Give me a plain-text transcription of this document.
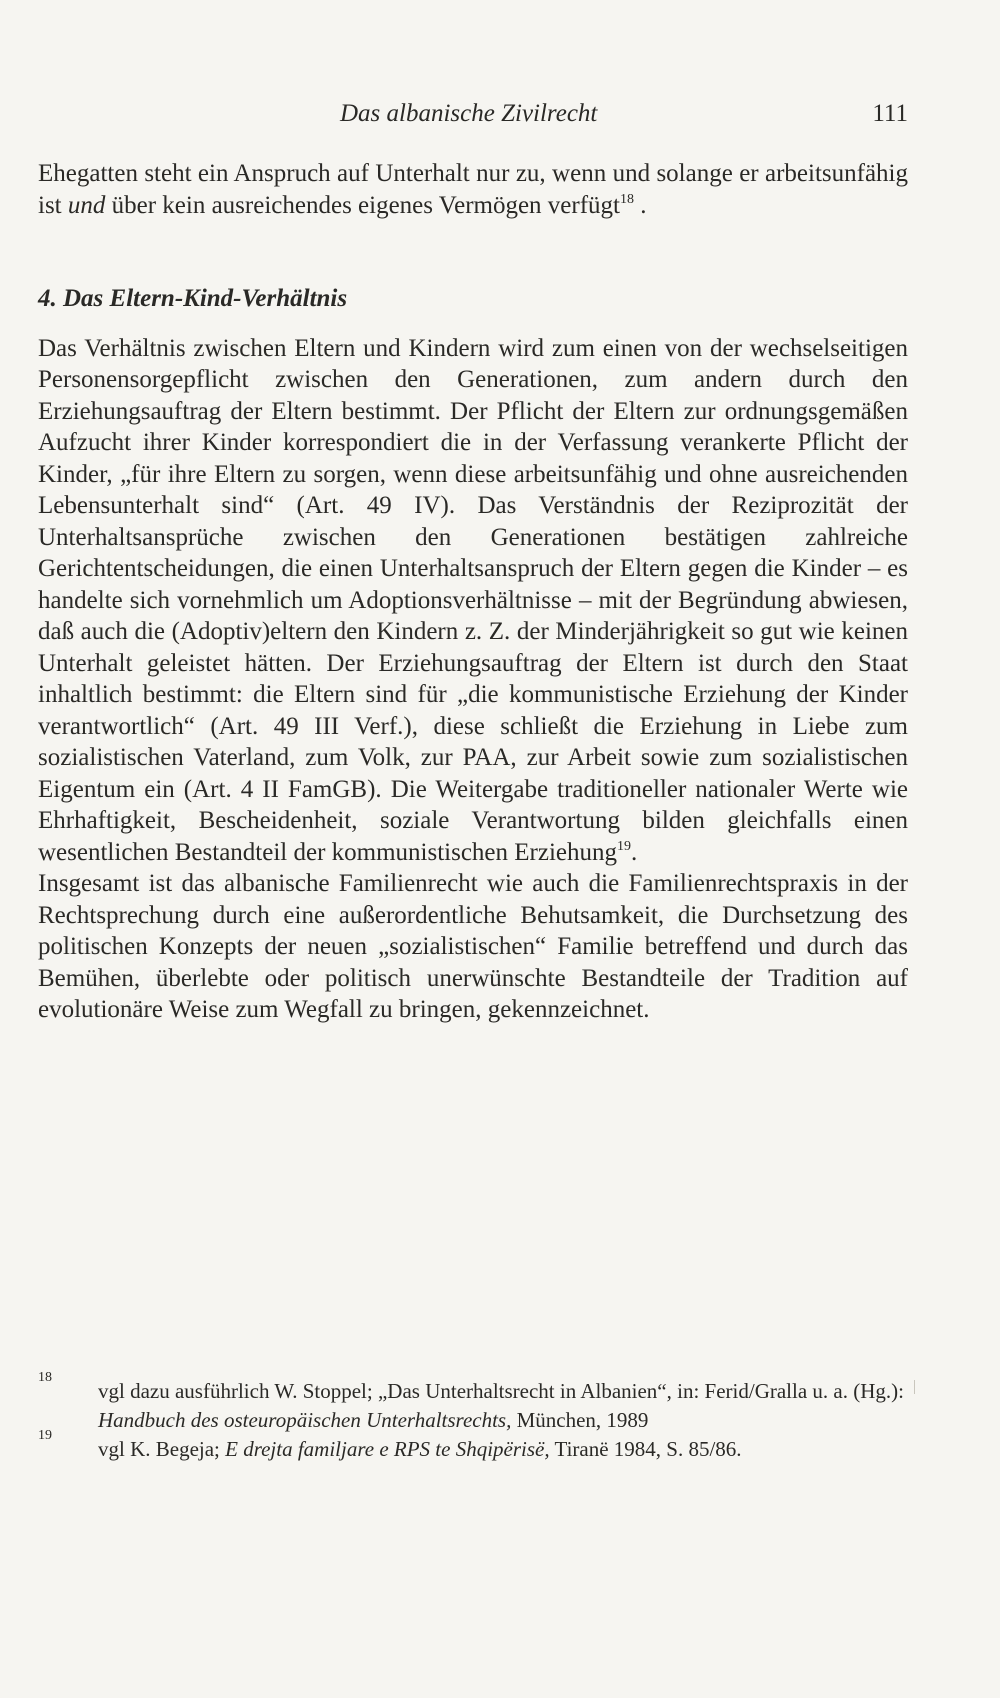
Das albanische Zivilrecht	111

Ehegatten steht ein Anspruch auf Unterhalt nur zu, wenn und solange er arbeitsunfähig ist und über kein ausreichendes eigenes Vermögen verfügt$^{18}$ .

4. Das Eltern-Kind-Verhältnis

Das Verhältnis zwischen Eltern und Kindern wird zum einen von der wechselseitigen Personensorgepflicht zwischen den Generationen, zum andern durch den Erziehungsauftrag der Eltern bestimmt. Der Pflicht der Eltern zur ordnungsgemäßen Aufzucht ihrer Kinder korrespondiert die in der Verfassung verankerte Pflicht der Kinder, „für ihre Eltern zu sorgen, wenn diese arbeitsunfähig und ohne ausreichenden Lebensunterhalt sind“ (Art. 49 IV). Das Verständnis der Reziprozität der Unterhaltsansprüche zwischen den Generationen bestätigen zahlreiche Gerichtentscheidungen, die einen Unterhaltsanspruch der Eltern gegen die Kinder – es handelte sich vornehmlich um Adoptionsverhältnisse – mit der Begründung abwiesen, daß auch die (Adoptiv)eltern den Kindern z. Z. der Minderjährigkeit so gut wie keinen Unterhalt geleistet hätten. Der Erziehungsauftrag der Eltern ist durch den Staat inhaltlich bestimmt: die Eltern sind für „die kommunistische Erziehung der Kinder verantwortlich“ (Art. 49 III Verf.), diese schließt die Erziehung in Liebe zum sozialistischen Vaterland, zum Volk, zur PAA, zur Arbeit sowie zum sozialistischen Eigentum ein (Art. 4 II FamGB). Die Weitergabe traditioneller nationaler Werte wie Ehrhaftigkeit, Bescheidenheit, soziale Verantwortung bilden gleichfalls einen wesentlichen Bestandteil der kommunistischen Erziehung$^{19}$.

Insgesamt ist das albanische Familienrecht wie auch die Familienrechtspraxis in der Rechtsprechung durch eine außerordentliche Behutsamkeit, die Durchsetzung des politischen Konzepts der neuen „sozialistischen“ Familie betreffend und durch das Bemühen, überlebte oder politisch unerwünschte Bestandteile der Tradition auf evolutionäre Weise zum Wegfall zu bringen, gekennzeichnet.

18
vgl dazu ausführlich W. Stoppel; „Das Unterhaltsrecht in Albanien“, in: Ferid/Gralla u. a. (Hg.): Handbuch des osteuropäischen Unterhaltsrechts, München, 1989
19
vgl K. Begeja; E drejta familjare e RPS te Shqipërisë, Tiranë 1984, S. 85/86.
